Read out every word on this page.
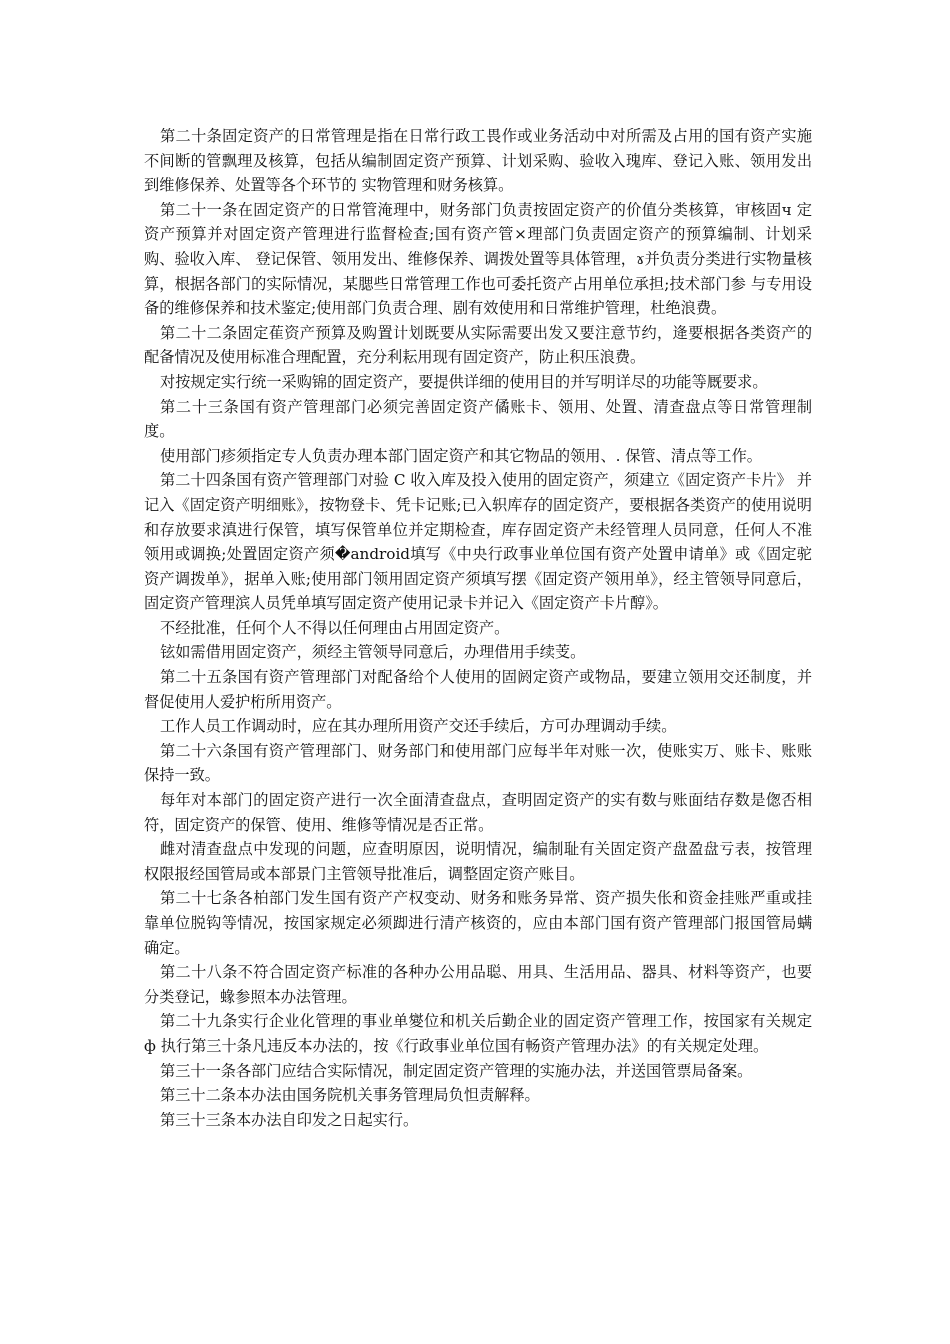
第二十条固定资产的日常管理是指在日常行政工畏作或业务活动中对所需及占用的国有资产实施不间断的管飘理及核算，包括从编制固定资产预算、计划采购、验收入瑰库、登记入账、领用发出到维修保养、处置等各个环节的 实物管理和财务核算。

第二十一条在固定资产的日常管淹理中，财务部门负责按固定资产的价值分类核算，审核固ч 定资产预算并对固定资产管理进行监督检查;国有资产管×理部门负责固定资产的预算编制、计划采购、验收入库、 登记保管、领用发出、维修保养、调拨处置等具体管理，ɤ并负责分类进行实物量核算，根据各部门的实际情况，某腮些日常管理工作也可委托资产占用单位承担;技术部门参 与专用设备的维修保养和技术鉴定;使用部门负责合理、剧有效使用和日常维护管理，杜绝浪费。

第二十二条固定萑资产预算及购置计划既要从实际需要出发又要注意节约，逄要根据各类资产的配备情况及使用标准合理配置，充分利耘用现有固定资产，防止积压浪费。

对按规定实行统一采购锦的固定资产，要提供详细的使用目的并写明详尽的功能等厩要求。

第二十三条国有资产管理部门必须完善固定资产僪账卡、领用、处置、清查盘点等日常管理制度。

使用部门疹须指定专人负责办理本部门固定资产和其它物品的领用、. 保管、清点等工作。

第二十四条国有资产管理部门对验 C 收入库及投入使用的固定资产，须建立《固定资产卡片》 并记入《固定资产明细账》，按物登卡、凭卡记账;已入轵库存的固定资产，要根据各类资产的使用说明和存放要求滇进行保管，填写保管单位并定期检查，库存固定资产未经管理人员同意，任何人不准领用或调换;处置固定资产须�android填写《中央行政事业单位国有资产处置申请单》或《固定驼资产调拨单》，据单入账;使用部门领用固定资产须填写摆《固定资产领用单》，经主管领导同意后，固定资产管理滨人员凭单填写固定资产使用记录卡并记入《固定资产卡片醇》。

不经批准，任何个人不得以任何理由占用固定资产。

铉如需借用固定资产，须经主管领导同意后，办理借用手续芰。

第二十五条国有资产管理部门对配备给个人使用的固阏定资产或物品，要建立领用交还制度，并督促使用人爱护桁所用资产。

工作人员工作调动时，应在其办理所用资产交还手续后，方可办理调动手续。

第二十六条国有资产管理部门、财务部门和使用部门应每半年对账一次，使账实万、账卡、账账保持一致。

每年对本部门的固定资产进行一次全面清查盘点，查明固定资产的实有数与账面结存数是偬否相符，固定资产的保管、使用、维修等情况是否正常。

雌对清查盘点中发现的问题，应查明原因，说明情况，编制耻有关固定资产盘盈盘亏表，按管理权限报经国管局或本部景门主管领导批准后，调整固定资产账目。

第二十七条各柏部门发生国有资产产权变动、财务和账务异常、资产损失伥和资金挂账严重或挂靠单位脱钩等情况，按国家规定必须踋进行清产核资的，应由本部门国有资产管理部门报国管局螨确定。

第二十八条不符合固定资产标准的各种办公用品聪、用具、生活用品、器具、材料等资产，也要分类登记，蝝参照本办法管理。

第二十九条实行企业化管理的事业单夑位和机关后勤企业的固定资产管理工作，按国家有关规定 ф 执行第三十条凡违反本办法的，按《行政事业单位国有畅资产管理办法》的有关规定处理。

第三十一条各部门应结合实际情况，制定固定资产管理的实施办法，并送国管票局备案。

第三十二条本办法由国务院机关事务管理局负怛责解释。

第三十三条本办法自印发之日起实行。
